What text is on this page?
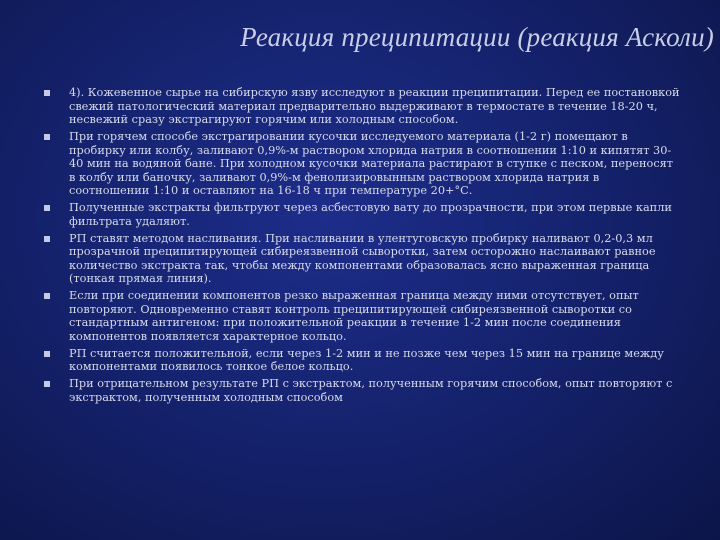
Реакция преципитации (реакция Асколи)
4). Кожевенное сырье на сибирскую язву исследуют в реакции преципитации. Перед ее постановкой свежий патологический материал предварительно выдерживают в термостате в течение 18-20 ч, несвежий сразу экстрагируют горячим или холодным способом.
При горячем способе экстрагировании кусочки исследуемого материала (1-2 г) помещают в пробирку или колбу, заливают 0,9%-м раствором хлорида натрия в соотношении 1:10 и кипятят 30-40 мин на водяной бане. При холодном кусочки материала растирают в ступке с песком, переносят в колбу или баночку, заливают 0,9%-м фенолизировынным раствором хлорида натрия в соотношении 1:10 и оставляют на 16-18 ч при температуре 20+°С.
Полученные экстракты фильтруют через асбестовую вату до прозрачности, при этом первые капли фильтрата удаляют.
РП ставят методом насливания. При насливании в улентуговскую пробирку наливают 0,2-0,3 мл прозрачной преципитирующей сибиреязвенной сыворотки, затем осторожно наслаивают равное количество экстракта так, чтобы между компонентами образовалась ясно выраженная граница (тонкая прямая линия).
Если при соединении компонентов резко выраженная граница между ними отсутствует, опыт повторяют. Одновременно ставят контроль преципитирующей сибиреязвенной сыворотки со стандартным антигеном: при положительной реакции в течение 1-2 мин после соединения компонентов появляется характерное кольцо.
РП считается положительной, если через 1-2 мин и не позже чем через 15 мин на границе между компонентами появилось тонкое белое кольцо.
При отрицательном результате РП с экстрактом, полученным горячим способом, опыт повторяют с экстрактом, полученным холодным способом
